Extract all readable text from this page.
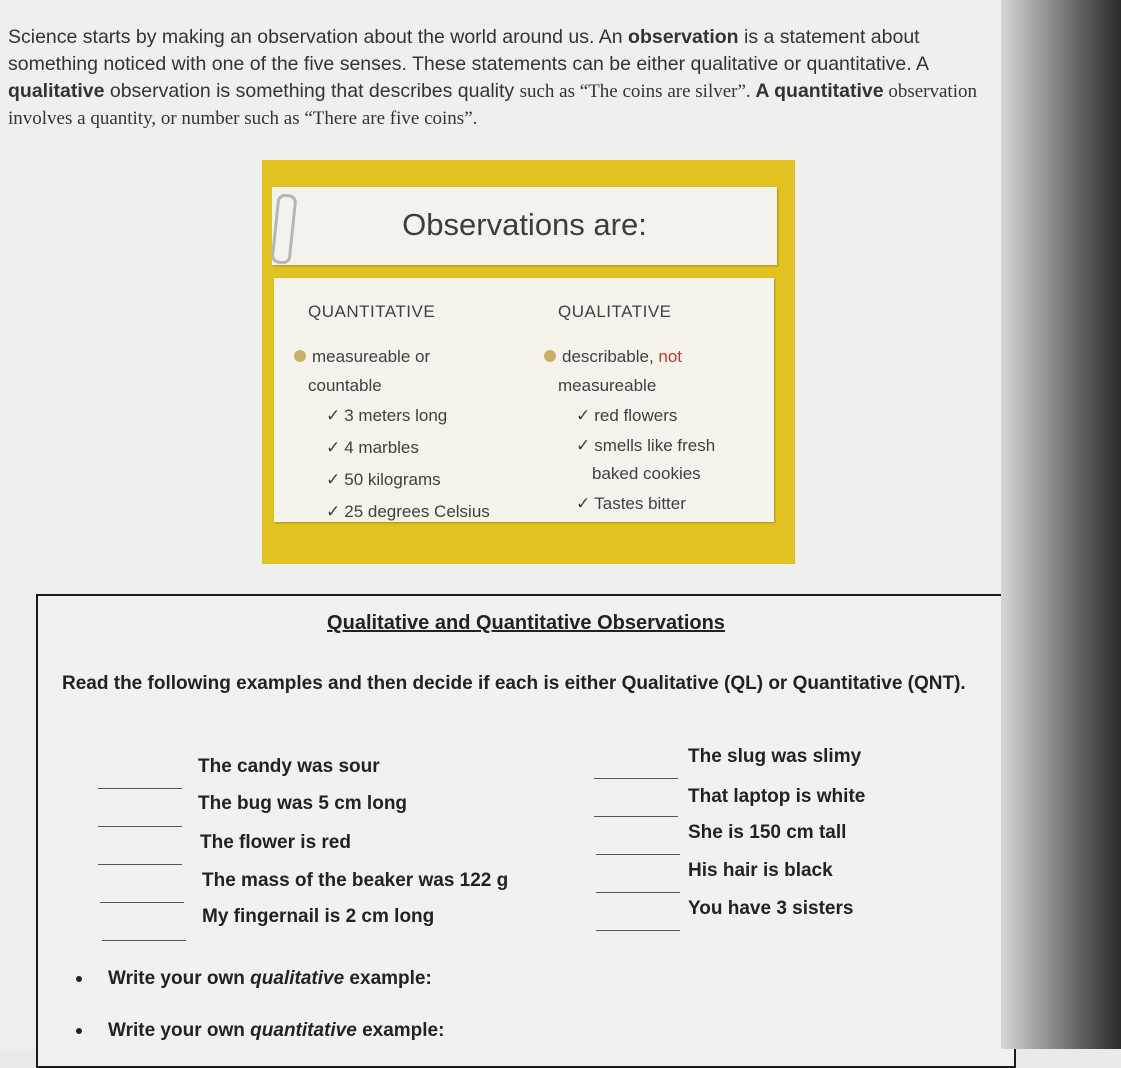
Science starts by making an observation about the world around us. An observation is a statement about something noticed with one of the five senses. These statements can be either qualitative or quantitative. A qualitative observation is something that describes quality such as “The coins are silver”. A quantitative observation involves a quantity, or number such as “There are five coins”.
Observations are:
QUANTITATIVE
measureable or
countable
✓ 3 meters long
✓ 4 marbles
✓ 50 kilograms
✓ 25 degrees Celsius
QUALITATIVE
describable, not
measureable
✓ red flowers
✓ smells like fresh
baked cookies
✓ Tastes bitter
Qualitative and Quantitative Observations
Read the following examples and then decide if each is either Qualitative (QL) or Quantitative (QNT).
The candy was sour
The bug was 5 cm long
The flower is red
The mass of the beaker was 122 g
My fingernail is 2 cm long
The slug was slimy
That laptop is white
She is 150 cm tall
His hair is black
You have 3 sisters
Write your own qualitative example:
Write your own quantitative example:
